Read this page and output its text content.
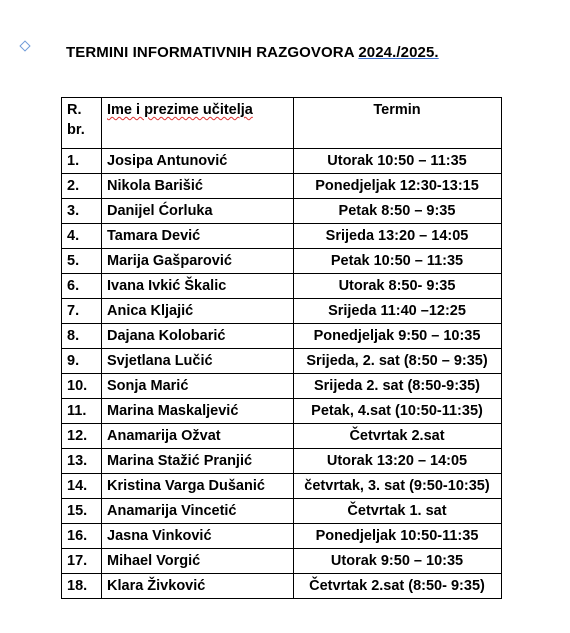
TERMINI INFORMATIVNIH RAZGOVORA 2024./2025.
R. br.	Ime i prezime učitelja	Termin
1.	Josipa Antunović	Utorak 10:50 – 11:35
2.	Nikola Barišić	Ponedjeljak 12:30-13:15
3.	Danijel Ćorluka	Petak 8:50 – 9:35
4.	Tamara Dević	Srijeda 13:20 – 14:05
5.	Marija Gašparović	Petak 10:50 – 11:35
6.	Ivana Ivkić Škalic	Utorak 8:50- 9:35
7.	Anica Kljajić	Srijeda 11:40 –12:25
8.	Dajana Kolobarić	Ponedjeljak 9:50 – 10:35
9.	Svjetlana Lučić	Srijeda, 2. sat (8:50 – 9:35)
10.	Sonja Marić	Srijeda 2. sat (8:50-9:35)
11.	Marina Maskaljević	Petak, 4.sat (10:50-11:35)
12.	Anamarija Ožvat	Četvrtak 2.sat
13.	Marina Stažić Pranjić	Utorak 13:20 – 14:05
14.	Kristina Varga Dušanić	četvrtak, 3. sat (9:50-10:35)
15.	Anamarija Vincetić	Četvrtak 1. sat
16.	Jasna Vinković	Ponedjeljak 10:50-11:35
17.	Mihael Vorgić	Utorak 9:50 – 10:35
18.	Klara Živković	Četvrtak 2.sat (8:50- 9:35)
